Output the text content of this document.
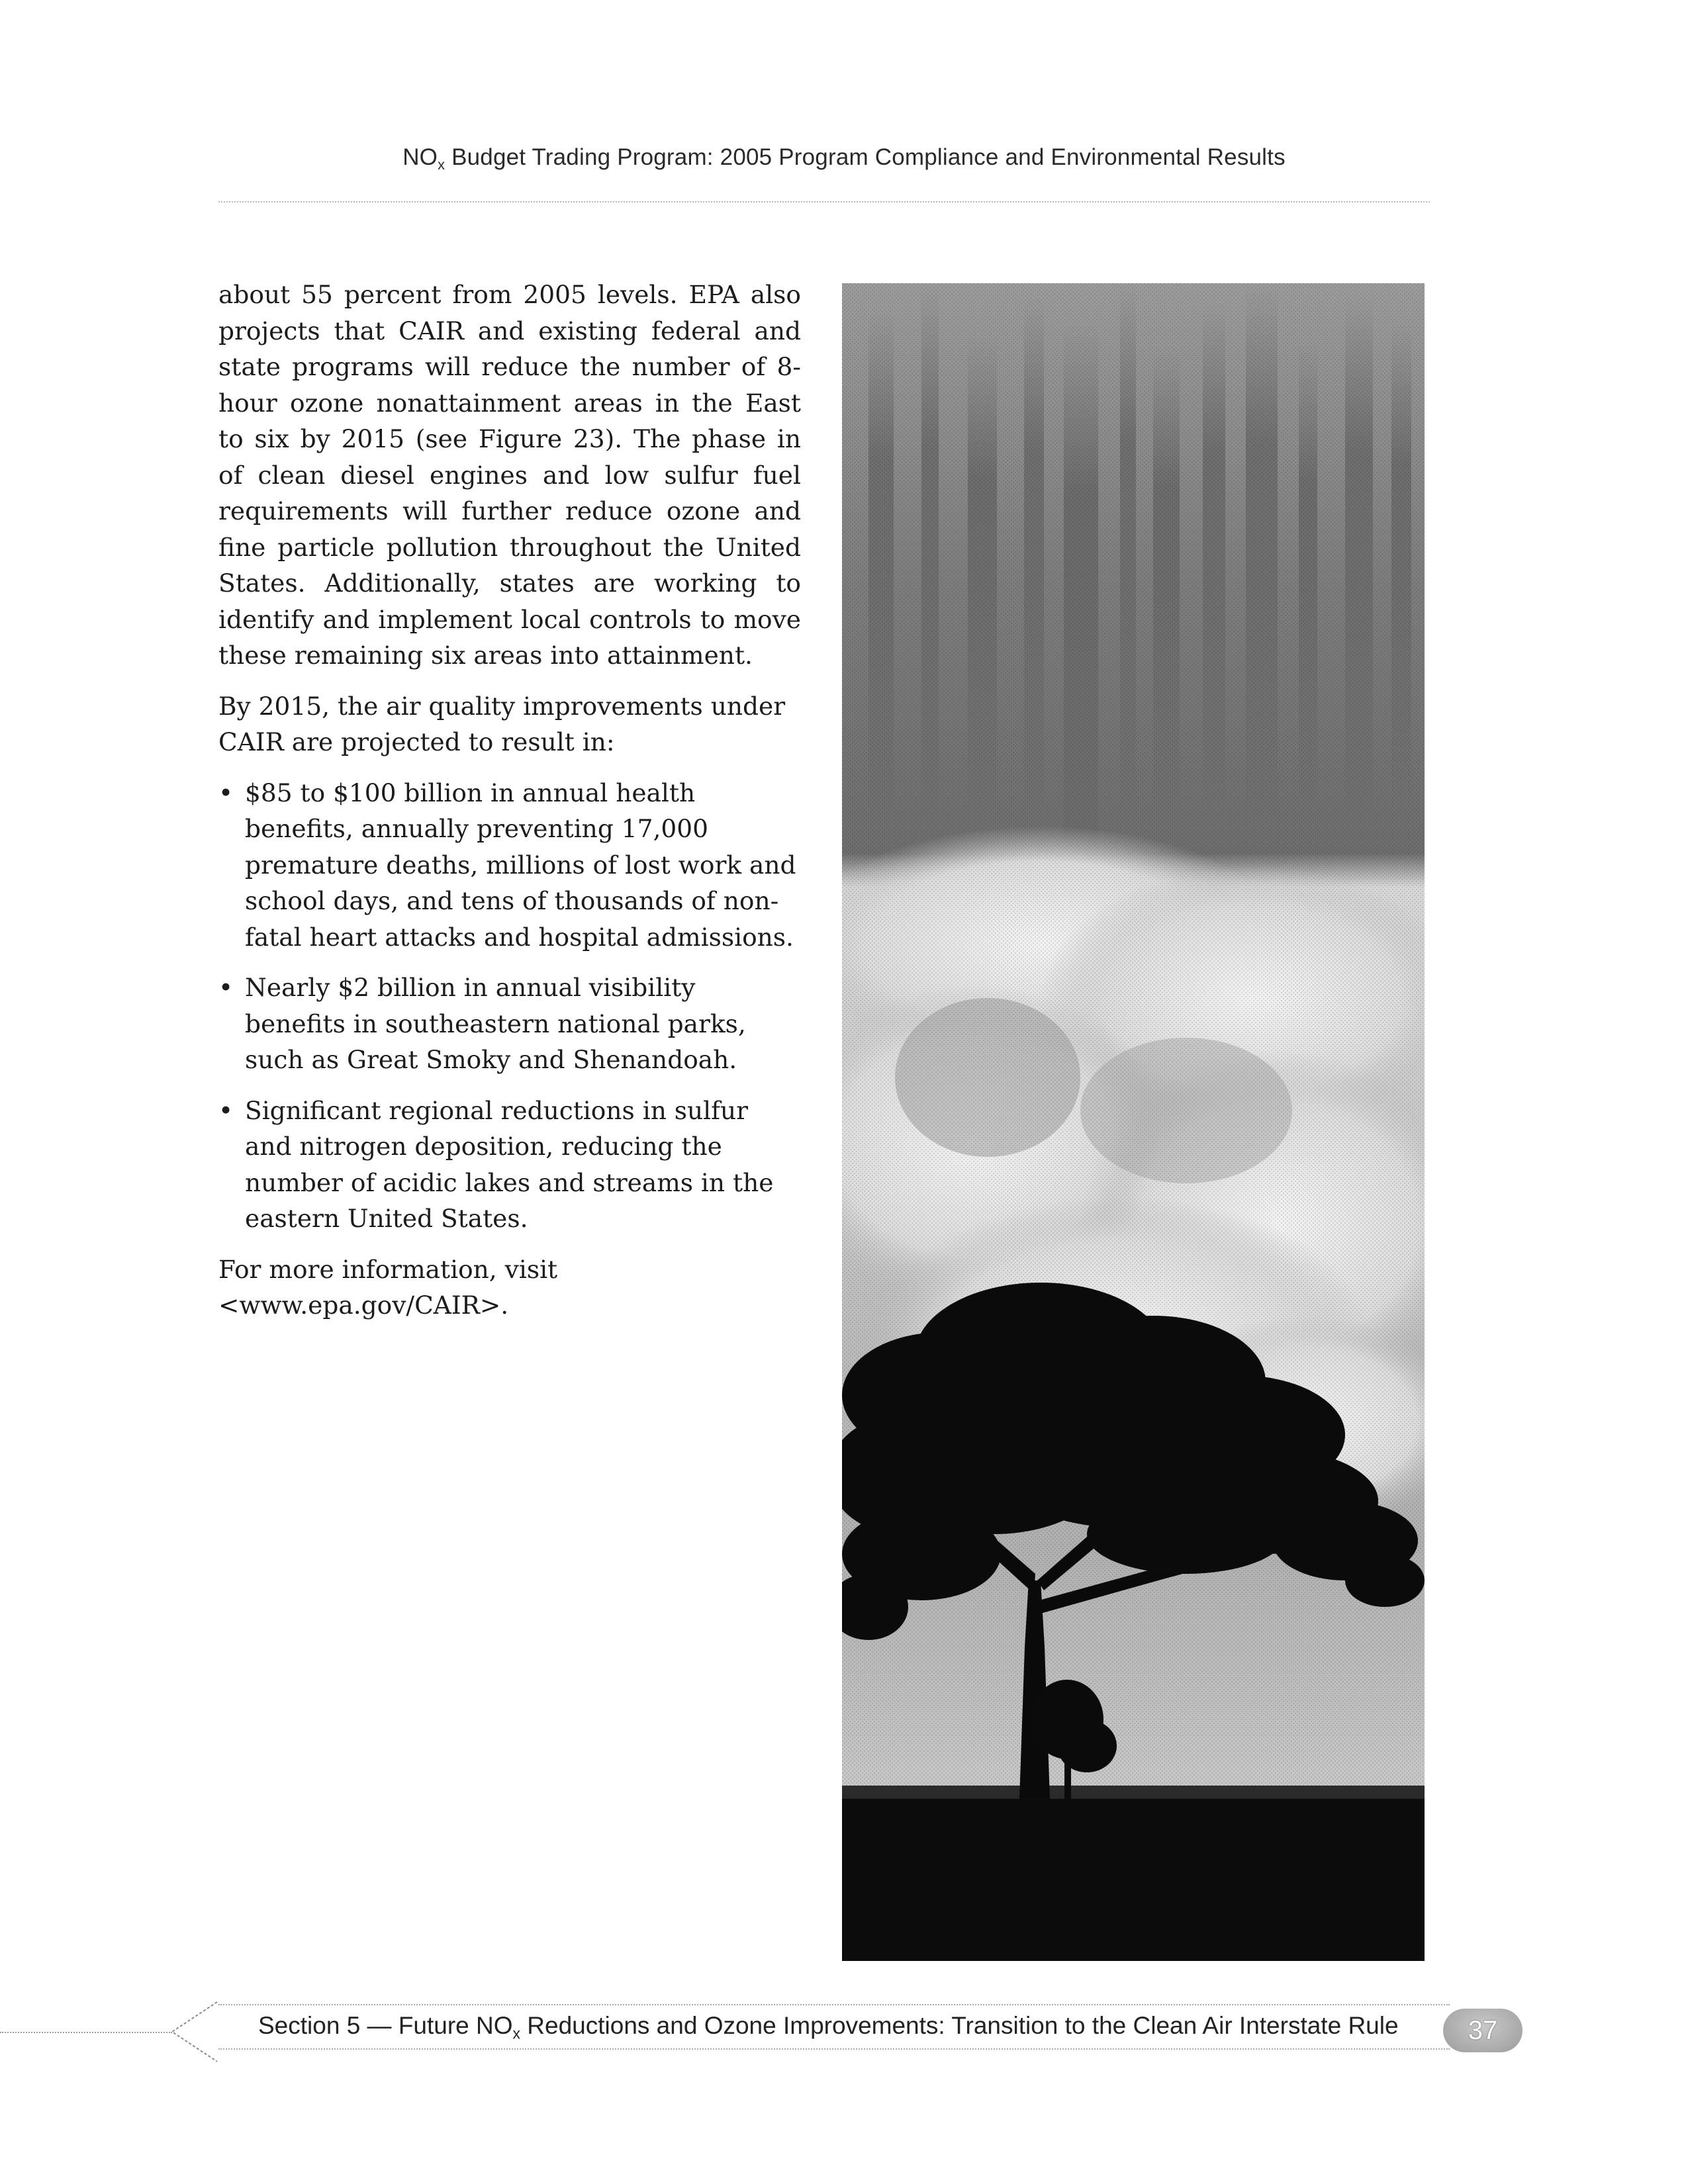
$NO_x$ Budget Trading Program: 2005 Program Compliance and Environmental Results

about 55 percent from 2005 levels. EPA also projects that CAIR and existing federal and state programs will reduce the number of 8-hour ozone nonattainment areas in the East to six by 2015 (see Figure 23). The phase in of clean diesel engines and low sulfur fuel requirements will further reduce ozone and fine particle pollution throughout the United States. Additionally, states are working to identify and implement local controls to move these remaining six areas into attainment.

By 2015, the air quality improvements under CAIR are projected to result in:

• $85 to $100 billion in annual health benefits, annually preventing 17,000 premature deaths, millions of lost work and school days, and tens of thousands of non-fatal heart attacks and hospital admissions.
• Nearly $2 billion in annual visibility benefits in southeastern national parks, such as Great Smoky and Shenandoah.
• Significant regional reductions in sulfur and nitrogen deposition, reducing the number of acidic lakes and streams in the eastern United States.

For more information, visit <www.epa.gov/CAIR>.

Section 5 — Future $NO_x$ Reductions and Ozone Improvements: Transition to the Clean Air Interstate Rule	37
